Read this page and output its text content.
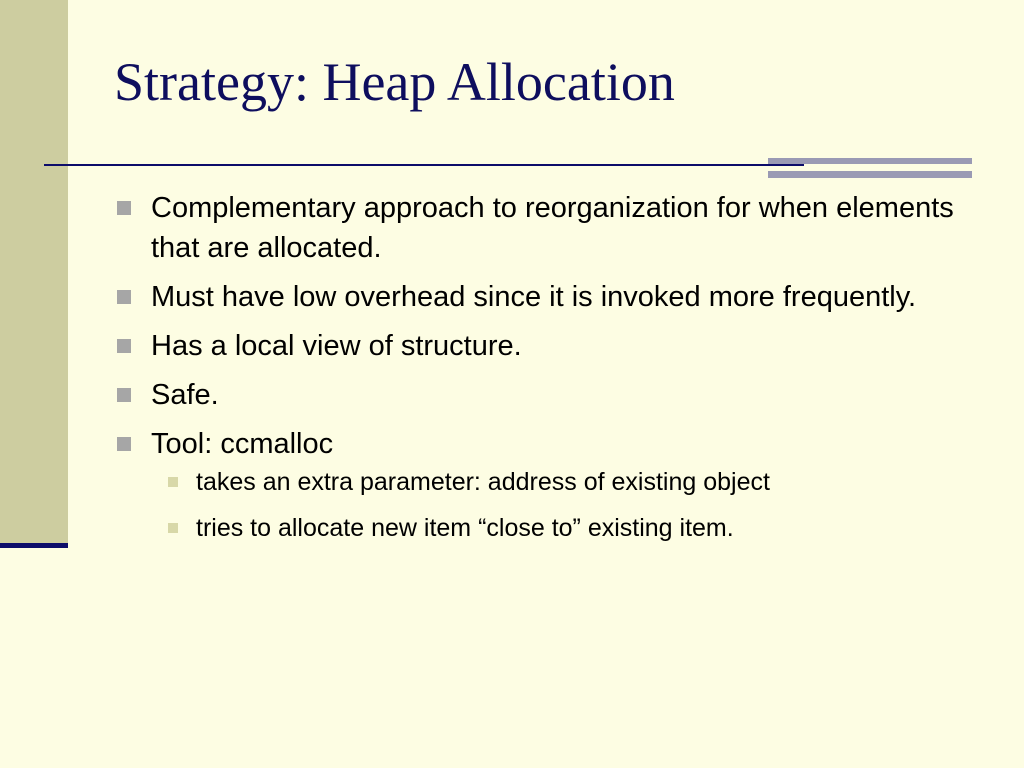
Strategy: Heap Allocation
Complementary approach to reorganization for when elements that are allocated.
Must have low overhead since it is invoked more frequently.
Has a local view of structure.
Safe.
Tool: ccmalloc
takes an extra parameter: address of existing object
tries to allocate new item “close to” existing item.
